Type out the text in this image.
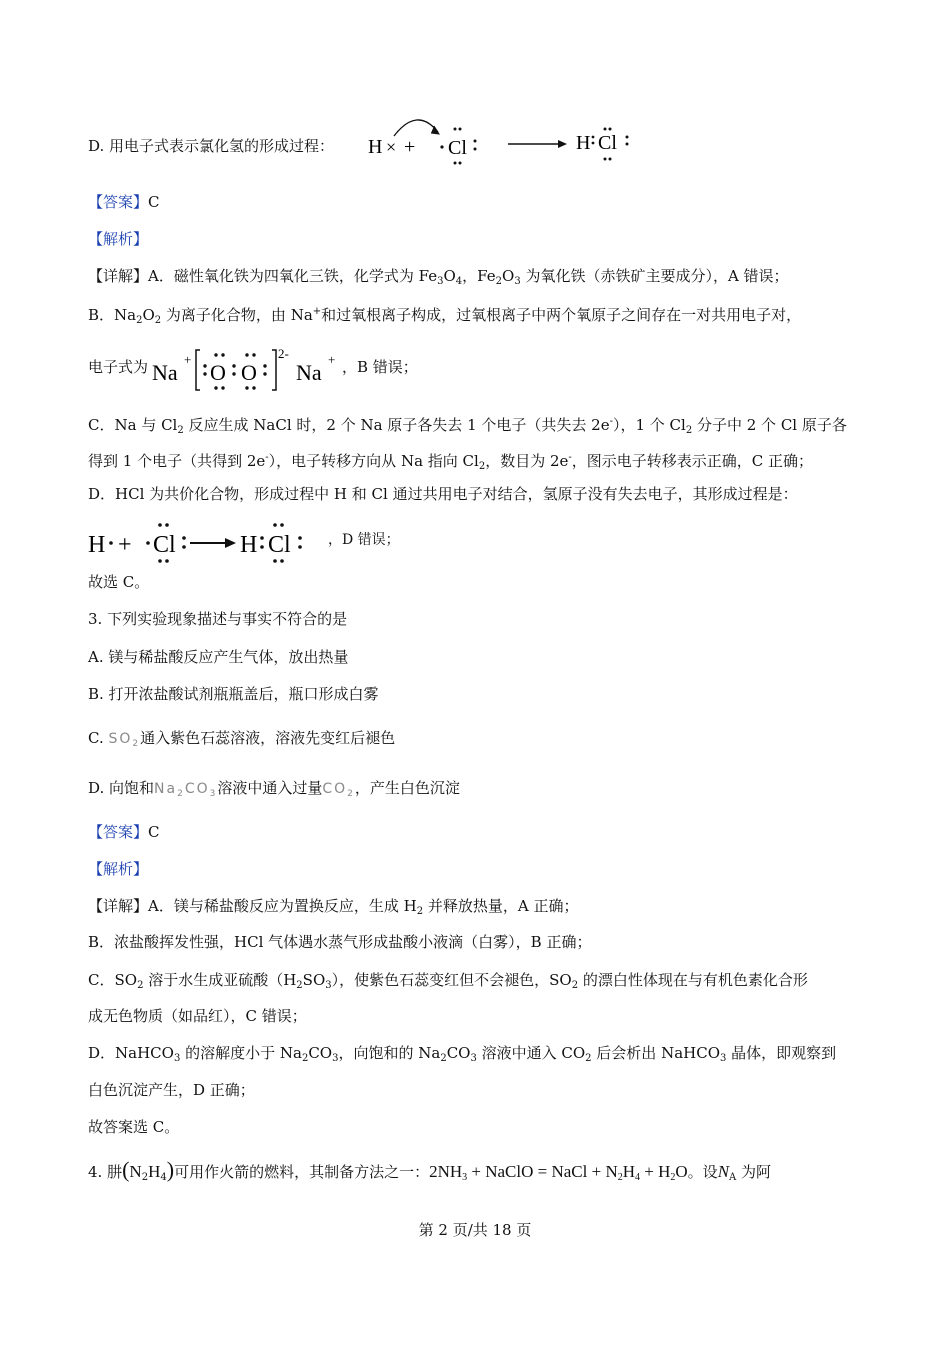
D. 用电子式表示氯化氢的形成过程： H × + Cl	H Cl
【答案】C
【解析】
【详解】A．磁性氧化铁为四氧化三铁，化学式为 $Fe_3O_4$，$Fe_2O_3$ 为氧化铁（赤铁矿主要成分），A 错误；
B．$Na_2O_2$ 为离子化合物，由 Na+和过氧根离子构成，过氧根离子中两个氧原子之间存在一对共用电子对，
电子式为 Na
+
O O
2-
Na
+ ，B 错误；
C．Na 与 $Cl_2$ 反应生成 NaCl 时，2 个 Na 原子各失去 1 个电子（共失去 2e-），1 个 $Cl_2$ 分子中 2 个 Cl 原子各
得到 1 个电子（共得到 2e-），电子转移方向从 Na 指向 $Cl_2$，数目为 2e-，图示电子转移表示正确，C 正确；
D．HCl 为共价化合物，形成过程中 H 和 Cl 通过共用电子对结合，氢原子没有失去电子，其形成过程是：
H + Cl	H Cl	，D 错误；
故选 C。
3. 下列实验现象描述与事实不符合的是
A. 镁与稀盐酸反应产生气体，放出热量
B. 打开浓盐酸试剂瓶瓶盖后，瓶口形成白雾
C. $SO_2$通入紫色石蕊溶液，溶液先变红后褪色
D. 向饱和$Na_2CO_3$溶液中通入过量$CO_2$，产生白色沉淀
【答案】C
【解析】
【详解】A．镁与稀盐酸反应为置换反应，生成 $H_2$ 并释放热量，A 正确；
B．浓盐酸挥发性强，HCl 气体遇水蒸气形成盐酸小液滴（白雾），B 正确；
C．$SO_2$ 溶于水生成亚硫酸$(H_2SO_3)$，使紫色石蕊变红但不会褪色，$SO_2$ 的漂白性体现在与有机色素化合形
成无色物质（如品红），C 错误；
D．NaHCO$_3$ 的溶解度小于 $Na_2CO_3$，向饱和的 $Na_2CO_3$ 溶液中通入 $CO_2$ 后会析出 NaHCO$_3$ 晶体，即观察到
白色沉淀产生，D 正确；
故答案选 C。
4. 肼$(N_2H_4)$可用作火箭的燃料，其制备方法之一：$2NH_3$ + NaClO = NaCl + $N_2H_4 + H_2O$。设$N_A$ 为阿
第 2 页/共 18 页
